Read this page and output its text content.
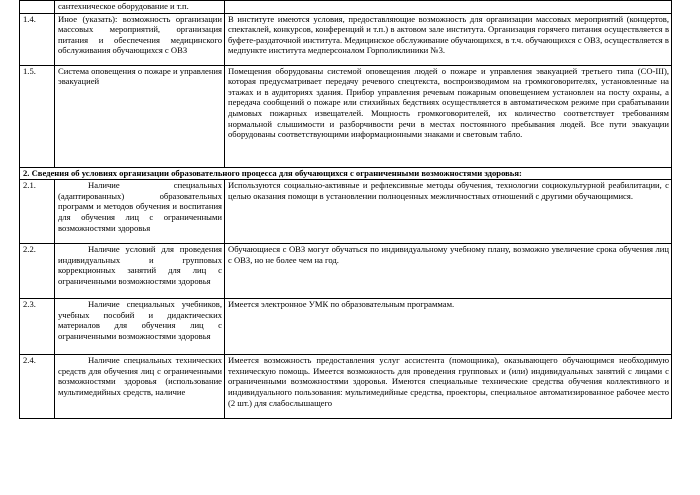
	сантехническое оборудование и т.п.	
1.4.	Иное (указать): возможность организации массовых мероприятий, организация питания и обеспечения медицинского обслуживания обучающихся с ОВЗ	В институте имеются условия, предоставляющие возможность для организации массовых мероприятий (концертов, спектаклей, конкурсов, конференций и т.п.) в актовом зале института. Организация горячего питания осуществляется в буфете-раздаточной института. Медицинское обслуживание обучающихся, в т.ч. обучающихся с ОВЗ, осуществляется в медпункте института медперсоналом Горполиклиники №3.
1.5.	Система оповещения о пожаре и управления эвакуацией	Помещения оборудованы системой оповещения людей о пожаре и управления эвакуацией третьего типа (СО-III), которая предусматривает передачу речевого спецтекста, воспроизводимом на громкоговорителях, установленные на этажах и в аудиториях здания. Прибор управления речевым пожарным оповещением установлен на посту охраны, а передача сообщений о пожаре или стихийных бедствиях осуществляется в автоматическом режиме при срабатывании дымовых пожарных извещателей. Мощность громкоговорителей, их количество соответствует требованиям нормальной слышимости и разборчивости речи в местах постоянного пребывания людей. Все пути эвакуации оборудованы соответствующими информационными знаками и световым табло.
2. Сведения об условиях организации образовательного процесса для обучающихся с ограниченными возможностями здоровья:		
2.1.	Наличие специальных (адаптированных) образовательных программ и методов обучения и воспитания для обучения лиц с ограниченными возможностями здоровья	Используются социально-активные и рефлексивные методы обучения, технологии социокультурной реабилитации, с целью оказания помощи в установлении полноценных межличностных отношений с другими обучающимися.
2.2.	Наличие условий для проведения индивидуальных и групповых коррекционных занятий для лиц с ограниченными возможностями здоровья	Обучающиеся с ОВЗ могут обучаться по индивидуальному учебному плану, возможно увеличение срока обучения лиц с ОВЗ, но не более чем на год.
2.3.	Наличие специальных учебников, учебных пособий и дидактических материалов для обучения лиц с ограниченными возможностями здоровья	Имеется электронное УМК по образовательным программам.
2.4.	Наличие специальных технических средств для обучения лиц с ограниченными возможностями здоровья (использование мультимедийных средств, наличие	Имеется возможность предоставления услуг ассистента (помощника), оказывающего обучающимся необходимую техническую помощь. Имеется возможность для проведения групповых и (или) индивидуальных занятий с лицами с ограниченными возможностями здоровья. Имеются специальные технические средства обучения коллективного и индивидуального пользования: мультимедийные средства, проекторы, специальное автоматизированное рабочее место (2 шт.) для слабослышащего
